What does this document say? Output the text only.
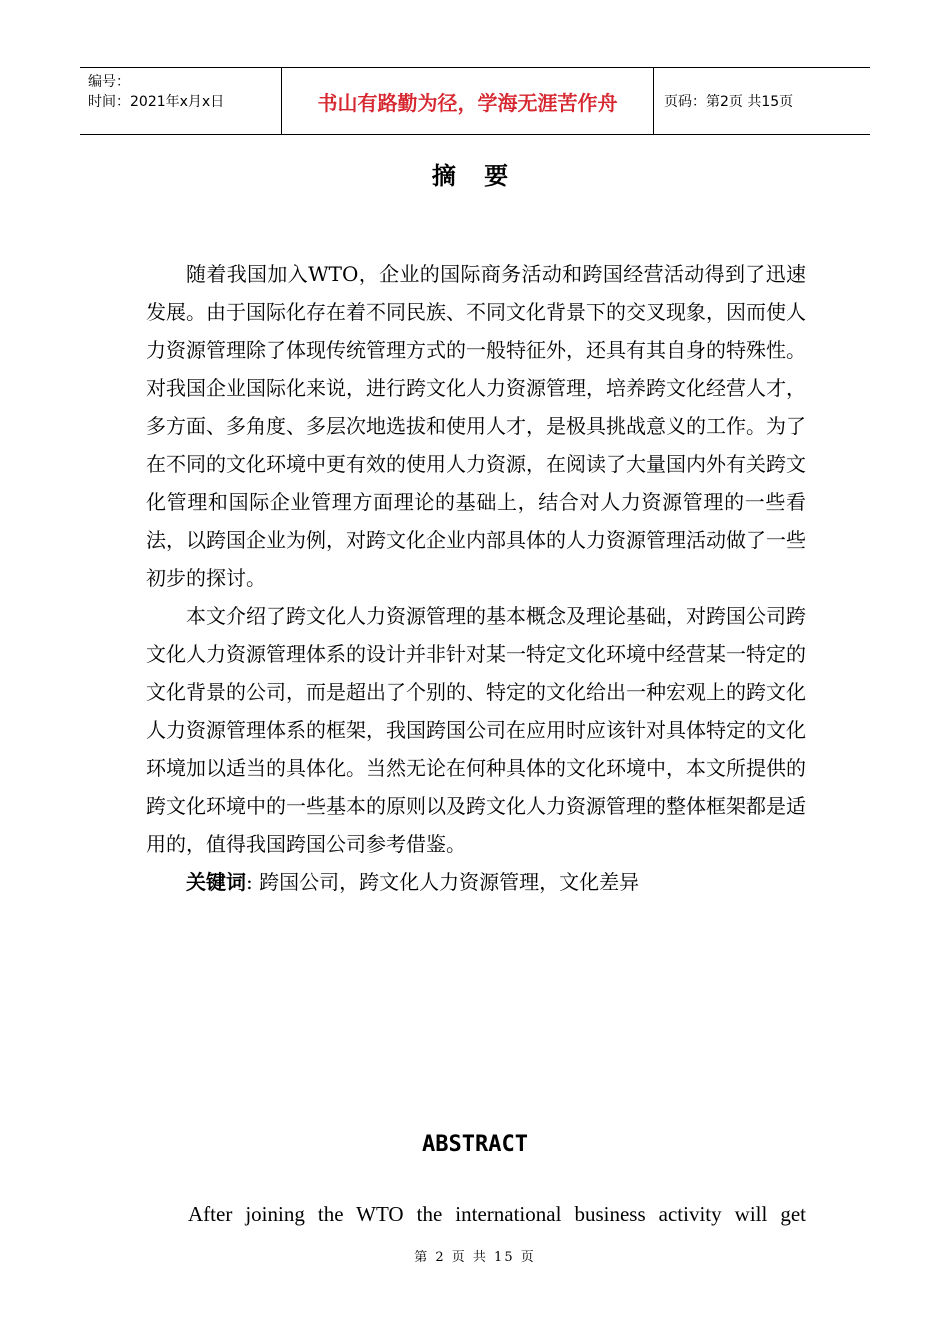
编号：
时间：2021年x月x日	书山有路勤为径，学海无涯苦作舟	页码：第2页 共15页
摘 要

随着我国加入WTO，企业的国际商务活动和跨国经营活动得到了迅速发展。由于国际化存在着不同民族、不同文化背景下的交叉现象，因而使人力资源管理除了体现传统管理方式的一般特征外，还具有其自身的特殊性。对我国企业国际化来说，进行跨文化人力资源管理，培养跨文化经营人才，多方面、多角度、多层次地选拔和使用人才，是极具挑战意义的工作。为了在不同的文化环境中更有效的使用人力资源，在阅读了大量国内外有关跨文化管理和国际企业管理方面理论的基础上，结合对人力资源管理的一些看法，以跨国企业为例，对跨文化企业内部具体的人力资源管理活动做了一些初步的探讨。

本文介绍了跨文化人力资源管理的基本概念及理论基础，对跨国公司跨文化人力资源管理体系的设计并非针对某一特定文化环境中经营某一特定的文化背景的公司，而是超出了个别的、特定的文化给出一种宏观上的跨文化人力资源管理体系的框架，我国跨国公司在应用时应该针对具体特定的文化环境加以适当的具体化。当然无论在何种具体的文化环境中，本文所提供的跨文化环境中的一些基本的原则以及跨文化人力资源管理的整体框架都是适用的，值得我国跨国公司参考借鉴。

关键词: 跨国公司，跨文化人力资源管理，文化差异

ABSTRACT

After joining the WTO the international business activity will get

第 2 页 共 15 页
